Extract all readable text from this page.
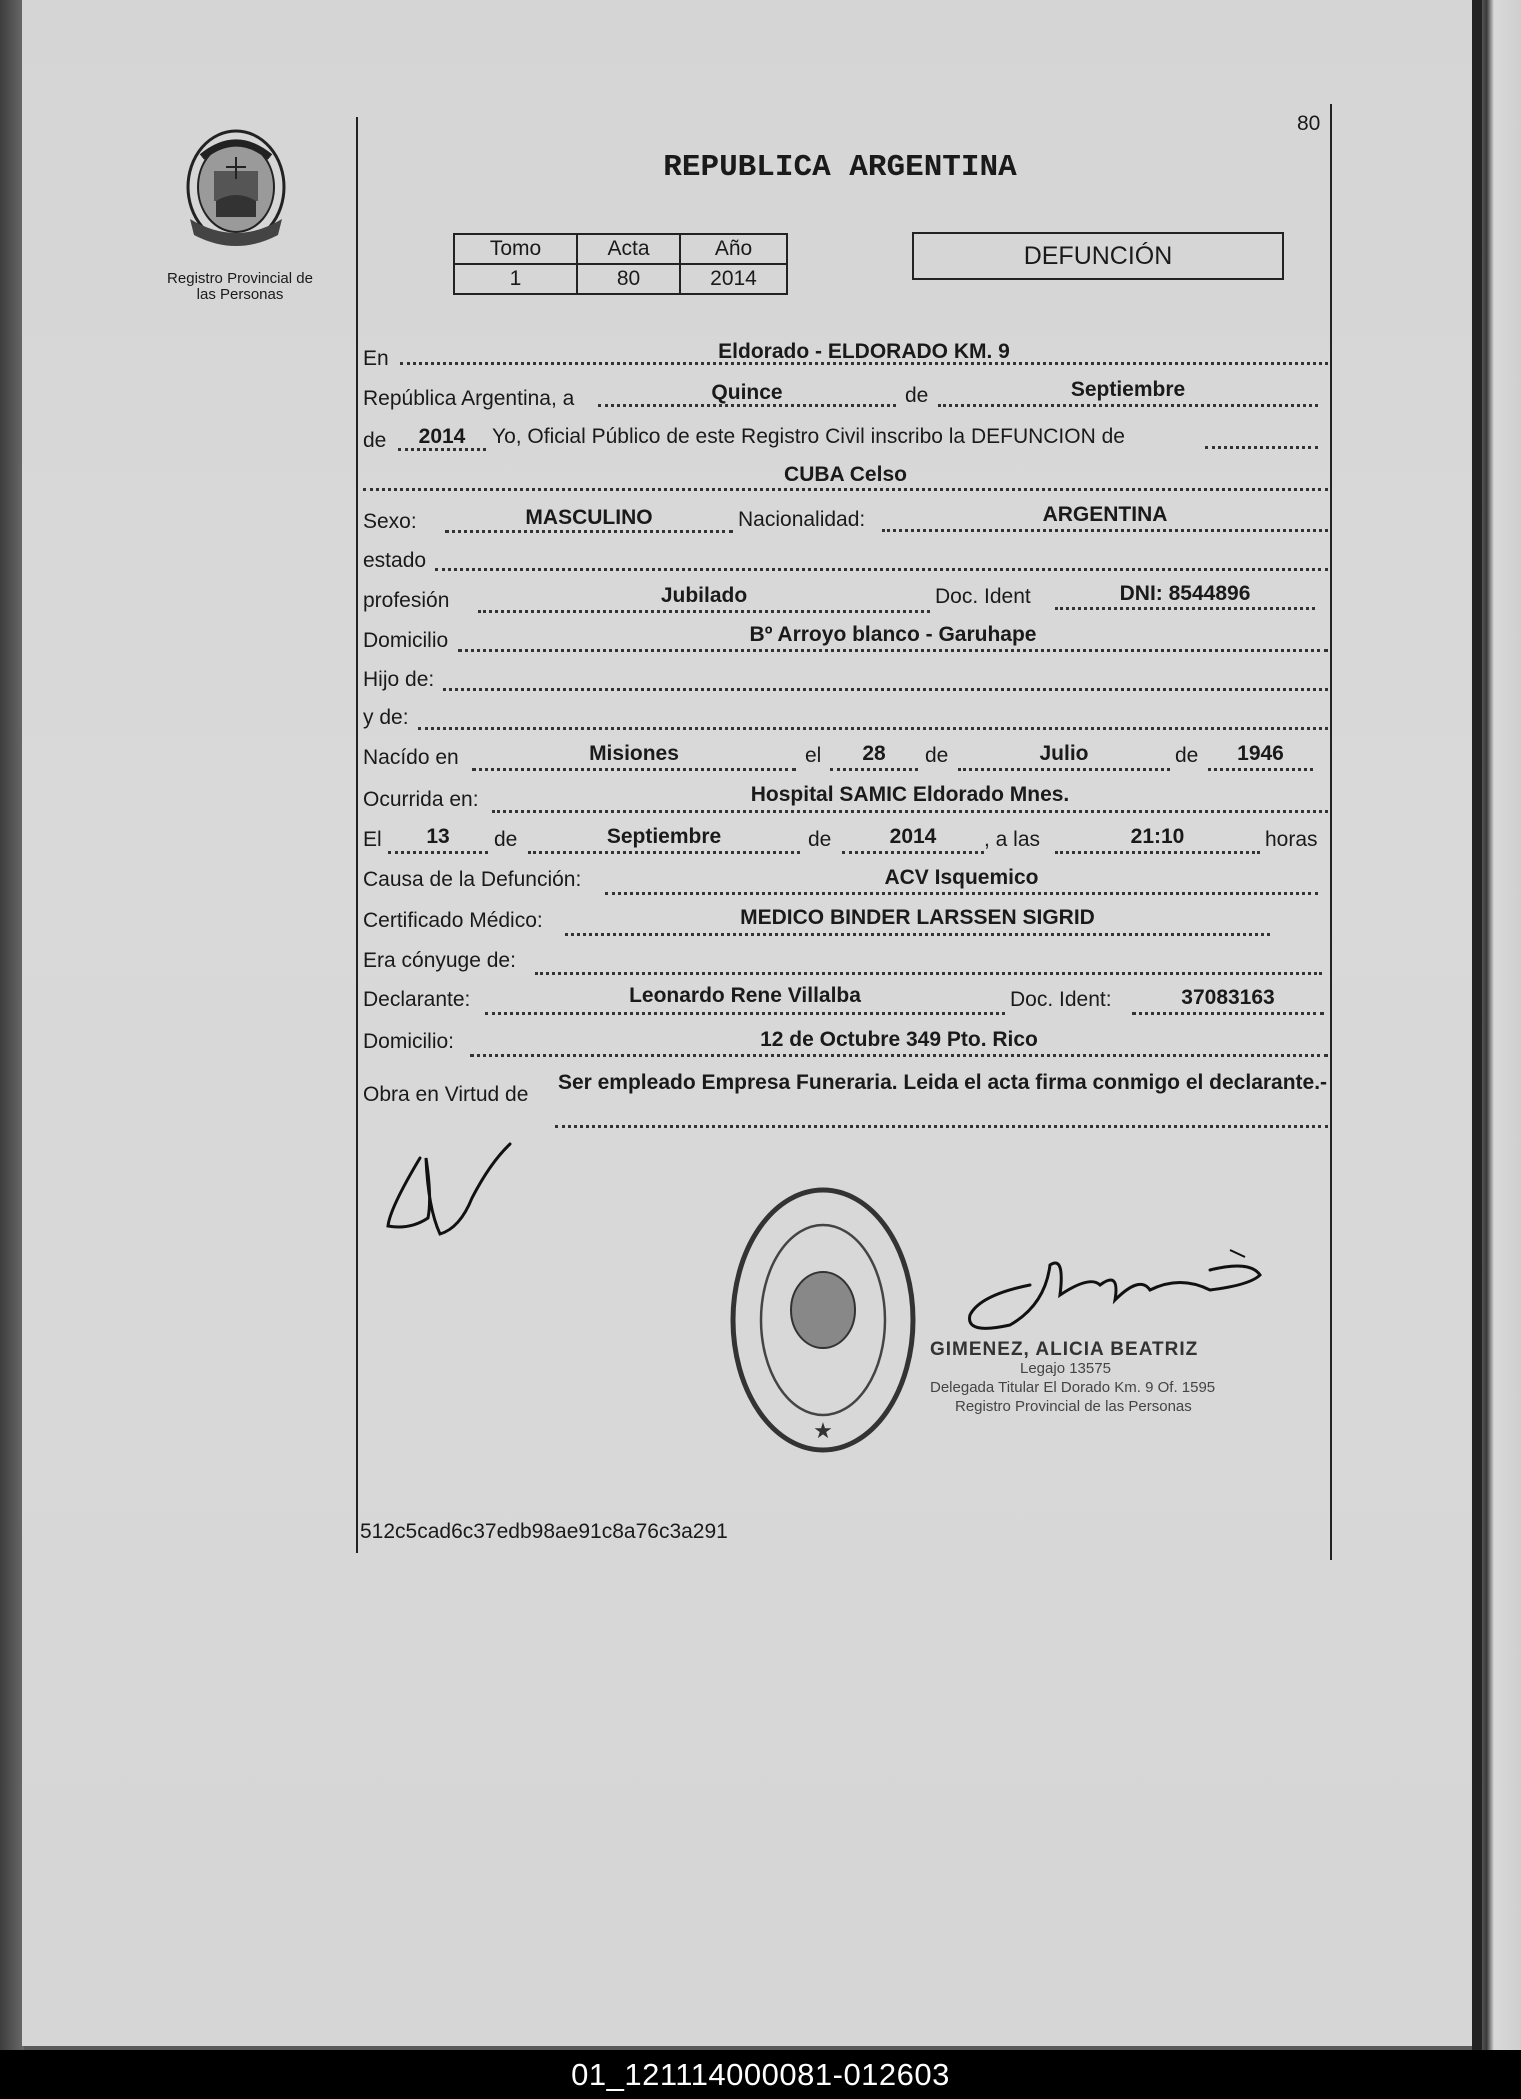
80
Registro Provincial de
las Personas
REPUBLICA ARGENTINA
Tomo	Acta	Año
1	80	2014
DEFUNCIÓN
En	Eldorado - ELDORADO KM. 9
República Argentina, a	Quince	de	Septiembre
de	2014	Yo, Oficial Público de este Registro Civil inscribo la DEFUNCION de
CUBA Celso
Sexo:	MASCULINO	Nacionalidad:	ARGENTINA
estado
profesión	Jubilado	Doc. Ident	DNI: 8544896
Domicilio	Bº Arroyo blanco - Garuhape
Hijo de:
y de:
Nacído en	Misiones	el	28	de	Julio	de	1946
Ocurrida en:	Hospital SAMIC Eldorado Mnes.
El	13	de	Septiembre	de	2014	, a las	21:10	horas
Causa de la Defunción:	ACV Isquemico
Certificado Médico:	MEDICO BINDER LARSSEN SIGRID
Era cónyuge de:
Declarante:	Leonardo Rene Villalba	Doc. Ident:	37083163
Domicilio:	12 de Octubre 349 Pto. Rico
Obra en Virtud de
Ser empleado Empresa Funeraria. Leida el acta firma conmigo el declarante.-
★
GIMENEZ, ALICIA BEATRIZ
Legajo 13575
Delegada Titular El Dorado Km. 9 Of. 1595
Registro Provincial de las Personas
512c5cad6c37edb98ae91c8a76c3a291
01_121114000081-012603
